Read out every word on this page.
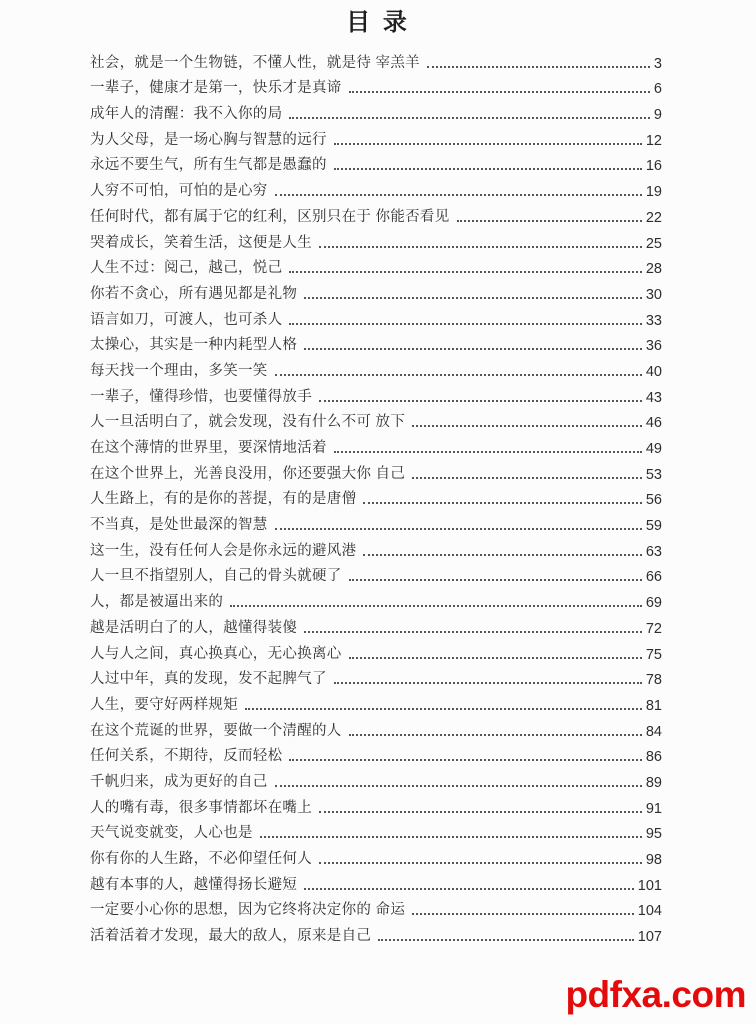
目 录
社会，就是一个生物链，不懂人性，就是待 宰羔羊	3
一辈子，健康才是第一，快乐才是真谛	6
成年人的清醒：我不入你的局	9
为人父母，是一场心胸与智慧的远行	12
永远不要生气，所有生气都是愚蠢的	16
人穷不可怕，可怕的是心穷	19
任何时代，都有属于它的红利，区别只在于 你能否看见	22
哭着成长，笑着生活，这便是人生	25
人生不过：阅己，越己，悦己	28
你若不贪心，所有遇见都是礼物	30
语言如刀，可渡人，也可杀人	33
太操心，其实是一种内耗型人格	36
每天找一个理由，多笑一笑	40
一辈子，懂得珍惜，也要懂得放手	43
人一旦活明白了，就会发现，没有什么不可 放下	46
在这个薄情的世界里，要深情地活着	49
在这个世界上，光善良没用，你还要强大你 自己	53
人生路上，有的是你的菩提，有的是唐僧	56
不当真，是处世最深的智慧	59
这一生，没有任何人会是你永远的避风港	63
人一旦不指望别人，自己的骨头就硬了	66
人，都是被逼出来的	69
越是活明白了的人，越懂得装傻	72
人与人之间，真心换真心，无心换离心	75
人过中年，真的发现，发不起脾气了	78
人生，要守好两样规矩	81
在这个荒诞的世界，要做一个清醒的人	84
任何关系，不期待，反而轻松	86
千帆归来，成为更好的自己	89
人的嘴有毒，很多事情都坏在嘴上	91
天气说变就变，人心也是	95
你有你的人生路，不必仰望任何人	98
越有本事的人，越懂得扬长避短	101
一定要小心你的思想，因为它终将决定你的 命运	104
活着活着才发现，最大的敌人，原来是自己	107
pdfxa.com
